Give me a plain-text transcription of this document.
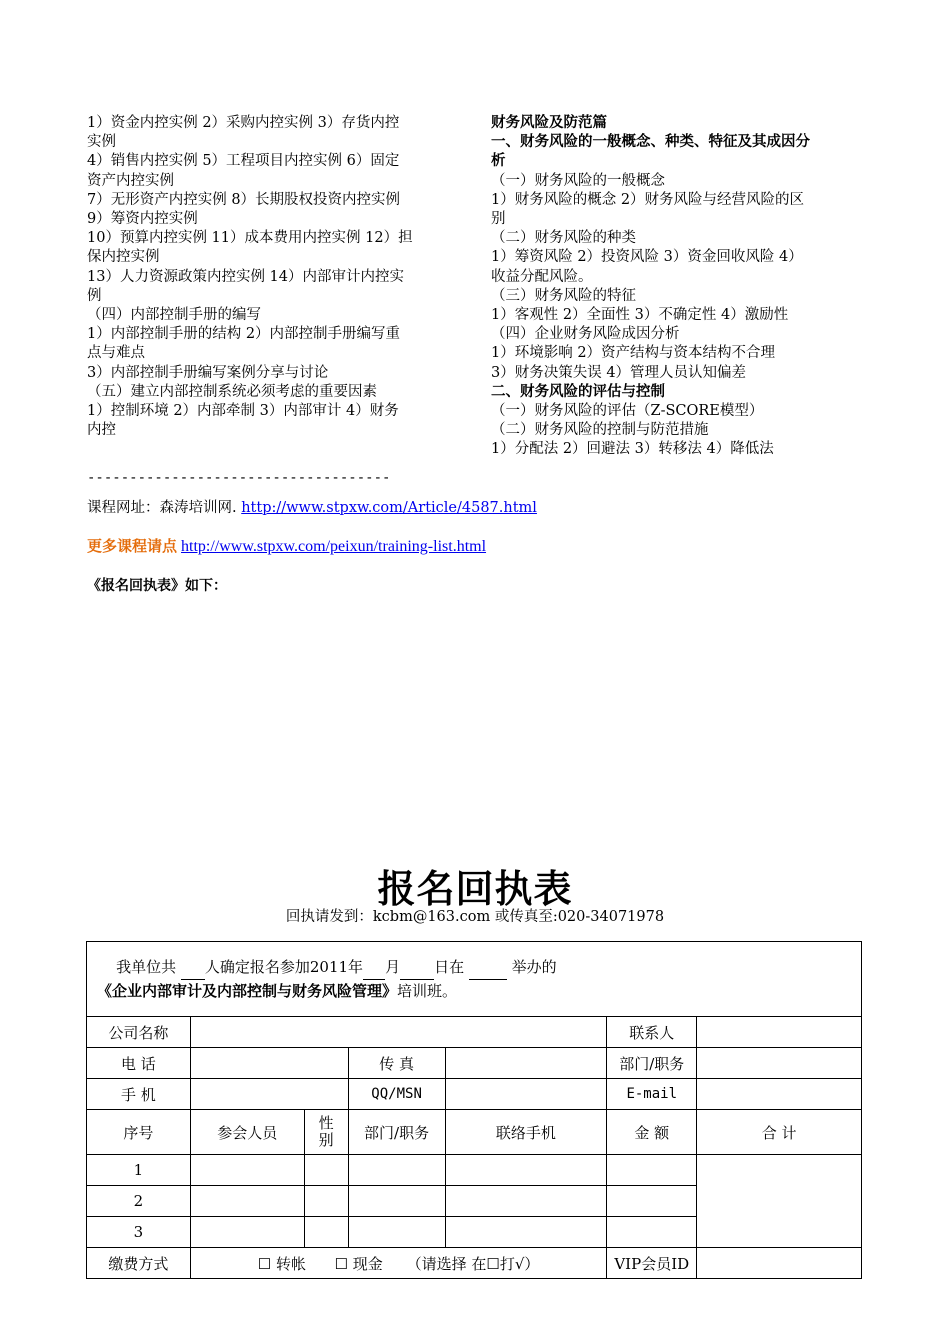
1）资金内控实例 2）采购内控实例 3）存货内控
实例
4）销售内控实例 5）工程项目内控实例 6）固定
资产内控实例
7）无形资产内控实例 8）长期股权投资内控实例
9）筹资内控实例
10）预算内控实例 11）成本费用内控实例 12）担
保内控实例
13）人力资源政策内控实例 14）内部审计内控实
例
（四）内部控制手册的编写
1）内部控制手册的结构 2）内部控制手册编写重
点与难点
3）内部控制手册编写案例分享与讨论
（五）建立内部控制系统必须考虑的重要因素
1）控制环境 2）内部牵制 3）内部审计 4）财务
内控
财务风险及防范篇
一、财务风险的一般概念、种类、特征及其成因分
析
（一）财务风险的一般概念
1）财务风险的概念 2）财务风险与经营风险的区
别
（二）财务风险的种类
1）筹资风险 2）投资风险 3）资金回收风险 4）
收益分配风险。
（三）财务风险的特征
1）客观性 2）全面性 3）不确定性 4）激励性
（四）企业财务风险成因分析
1）环境影响 2）资产结构与资本结构不合理
3）财务决策失误 4）管理人员认知偏差
二、财务风险的评估与控制
（一）财务风险的评估（Z-SCORE模型）
（二）财务风险的控制与防范措施
1）分配法 2）回避法 3）转移法 4）降低法
------------------------------------
课程网址：森涛培训网. http://www.stpxw.com/Article/4587.html
更多课程请点 http://www.stpxw.com/peixun/training-list.html
《报名回执表》如下：
报名回执表
回执请发到：kcbm@163.com 或传真至:020-34071978
我单位共 人确定报名参加2011年 月 日在 举办的《企业内部审计及内部控制与财务风险管理》培训班。						
公司名称					联系人	
电 话			传 真		部门/职务	
手 机			QQ/MSN		E-mail	
序号	参会人员	性别	部门/职务	联络手机	金 额	合 计
1						
2						
3						
缴费方式	☐ 转帐 ☐ 现金 （请选择 在☐打√）				VIP会员ID	
